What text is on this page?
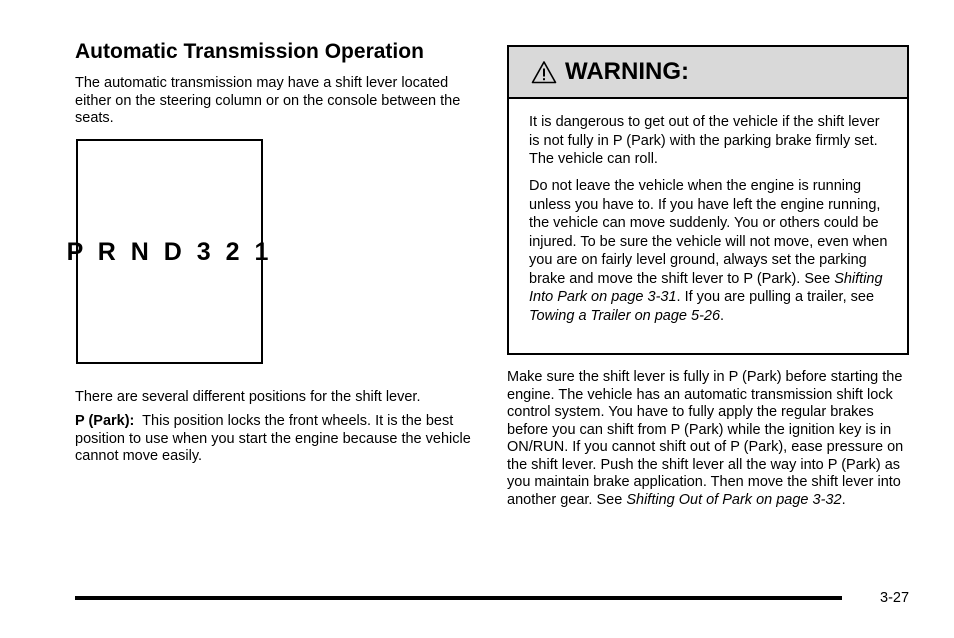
Automatic Transmission Operation

The automatic transmission may have a shift lever located either on the steering column or on the console between the seats.

P R N D 3 2 1

There are several different positions for the shift lever.

P (Park): This position locks the front wheels. It is the best position to use when you start the engine because the vehicle cannot move easily.

WARNING:

It is dangerous to get out of the vehicle if the shift lever is not fully in P (Park) with the parking brake firmly set. The vehicle can roll.

Do not leave the vehicle when the engine is running unless you have to. If you have left the engine running, the vehicle can move suddenly. You or others could be injured. To be sure the vehicle will not move, even when you are on fairly level ground, always set the parking brake and move the shift lever to P (Park). See Shifting Into Park on page 3-31. If you are pulling a trailer, see Towing a Trailer on page 5-26.

Make sure the shift lever is fully in P (Park) before starting the engine. The vehicle has an automatic transmission shift lock control system. You have to fully apply the regular brakes before you can shift from P (Park) while the ignition key is in ON/RUN. If you cannot shift out of P (Park), ease pressure on the shift lever. Push the shift lever all the way into P (Park) as you maintain brake application. Then move the shift lever into another gear. See Shifting Out of Park on page 3-32.

3-27
